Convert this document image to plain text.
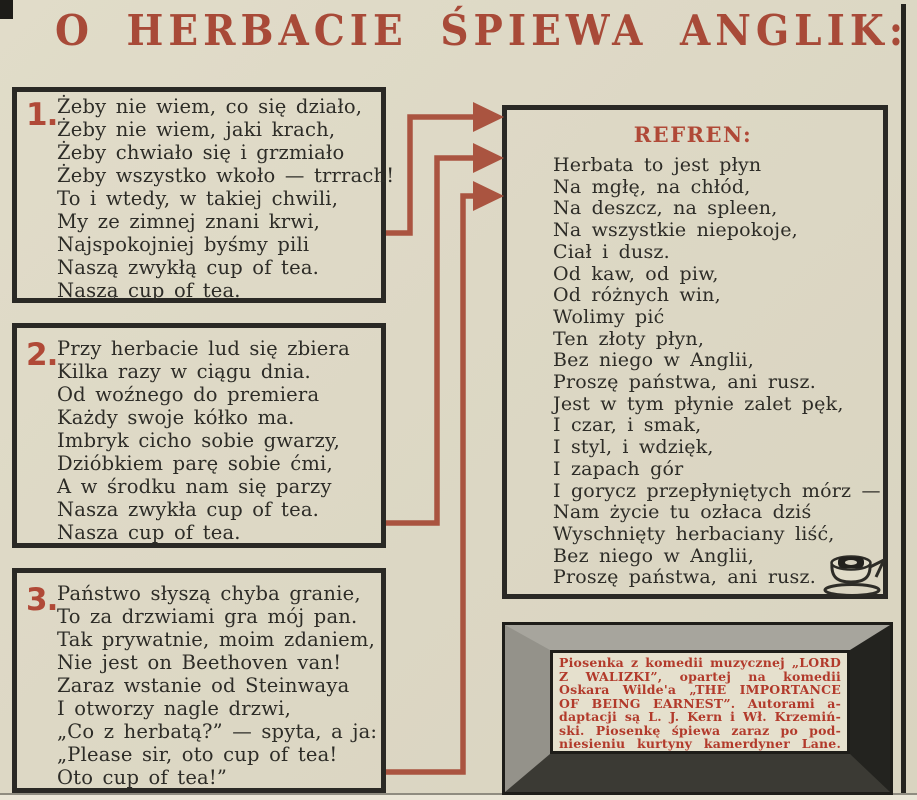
O HERBACIE ŚPIEWA ANGLIK:
1. Żeby nie wiem, co się działo,
Żeby nie wiem, jaki krach,
Żeby chwiało się i grzmiało
Żeby wszystko wkoło — trrrach!
To i wtedy, w takiej chwili,
My ze zimnej znani krwi,
Najspokojniej byśmy pili
Naszą zwykłą cup of tea.
Naszą cup of tea.
2. Przy herbacie lud się zbiera
Kilka razy w ciągu dnia.
Od woźnego do premiera
Każdy swoje kółko ma.
Imbryk cicho sobie gwarzy,
Dzióbkiem parę sobie ćmi,
A w środku nam się parzy
Nasza zwykła cup of tea.
Nasza cup of tea.
3. Państwo słyszą chyba granie,
To za drzwiami gra mój pan.
Tak prywatnie, moim zdaniem,
Nie jest on Beethoven van!
Zaraz wstanie od Steinwaya
I otworzy nagle drzwi,
„Co z herbatą?” — spyta, a ja:
„Please sir, oto cup of tea!
Oto cup of tea!”
REFREN:
Herbata to jest płyn
Na mgłę, na chłód,
Na deszcz, na spleen,
Na wszystkie niepokoje,
Ciał i dusz.
Od kaw, od piw,
Od różnych win,
Wolimy pić
Ten złoty płyn,
Bez niego w Anglii,
Proszę państwa, ani rusz.
Jest w tym płynie zalet pęk,
I czar, i smak,
I styl, i wdzięk,
I zapach gór
I gorycz przepłyniętych mórz —
Nam życie tu ozłaca dziś
Wyschnięty herbaciany liść,
Bez niego w Anglii,
Proszę państwa, ani rusz.
Piosenka z komedii muzycznej „LORD
Z WALIZKI”, opartej na komedii
Oskara Wilde'a „THE IMPORTANCE
OF BEING EARNEST”. Autorami a-
daptacji są L. J. Kern i Wł. Krzemiń-
ski. Piosenkę śpiewa zaraz po pod-
niesieniu kurtyny kamerdyner Lane.
